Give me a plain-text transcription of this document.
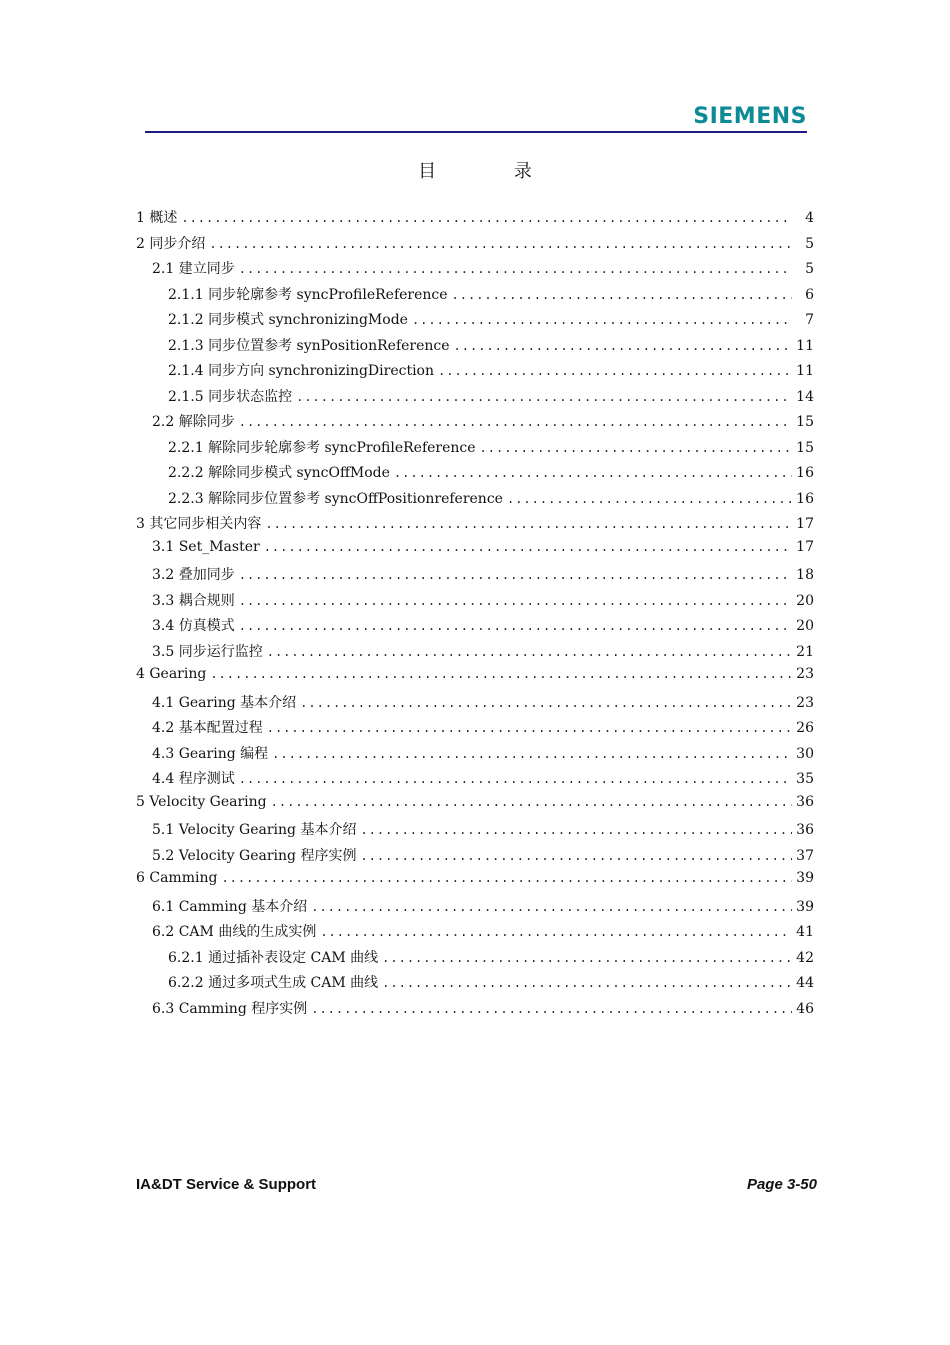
SIEMENS
目 录
1 概述 .....	4
2 同步介绍 .....	5
2.1 建立同步 .....	5
2.1.1 同步轮廓参考 syncProfileReference .....	6
2.1.2 同步模式 synchronizingMode .....	7
2.1.3 同步位置参考 synPositionReference .....	11
2.1.4 同步方向 synchronizingDirection .....	11
2.1.5 同步状态监控 .....	14
2.2 解除同步 .....	15
2.2.1 解除同步轮廓参考 syncProfileReference .....	15
2.2.2 解除同步模式 syncOffMode .....	16
2.2.3 解除同步位置参考 syncOffPositionreference .....	16
3 其它同步相关内容 .....	17
3.1 Set_Master .....	17
3.2 叠加同步 .....	18
3.3 耦合规则 .....	20
3.4 仿真模式 .....	20
3.5 同步运行监控 .....	21
4 Gearing .....	23
4.1 Gearing 基本介绍 .....	23
4.2 基本配置过程 .....	26
4.3 Gearing 编程 .....	30
4.4 程序测试 .....	35
5 Velocity Gearing .....	36
5.1 Velocity Gearing 基本介绍 .....	36
5.2 Velocity Gearing 程序实例 .....	37
6 Camming .....	39
6.1 Camming 基本介绍 .....	39
6.2 CAM 曲线的生成实例 .....	41
6.2.1 通过插补表设定 CAM 曲线 .....	42
6.2.2 通过多项式生成 CAM 曲线 .....	44
6.3 Camming 程序实例 .....	46
IA&DT Service & Support	Page 3-50
